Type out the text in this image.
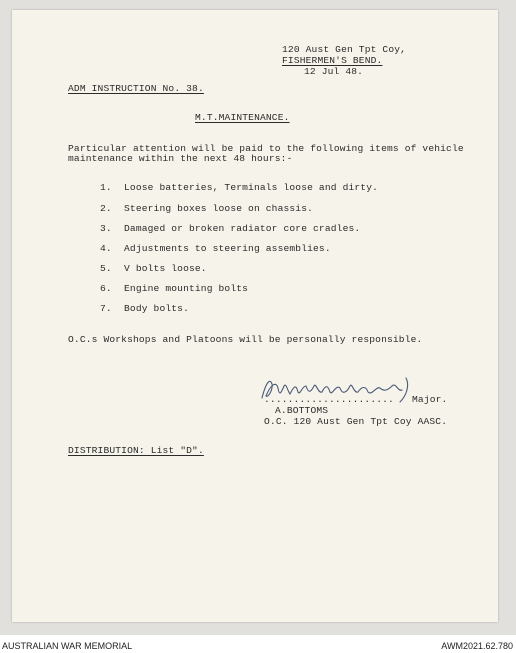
120 Aust Gen Tpt Coy,
FISHERMEN'S BEND.
12 Jul 48.
ADM INSTRUCTION No. 38.
M.T.MAINTENANCE.
Particular attention will be paid to the following items of vehicle
maintenance within the next 48 hours:-
1. Loose batteries, Terminals loose and dirty.
2. Steering boxes loose on chassis.
3. Damaged or broken radiator core cradles.
4. Adjustments to steering assemblies.
5. V bolts loose.
6. Engine mounting bolts
7. Body bolts.
O.C.s Workshops and Platoons will be personally responsible.
...................... Major.
A.BOTTOMS
O.C. 120 Aust Gen Tpt Coy AASC.
DISTRIBUTION: List "D".
AUSTRALIAN WAR MEMORIAL	AWM2021.62.780
